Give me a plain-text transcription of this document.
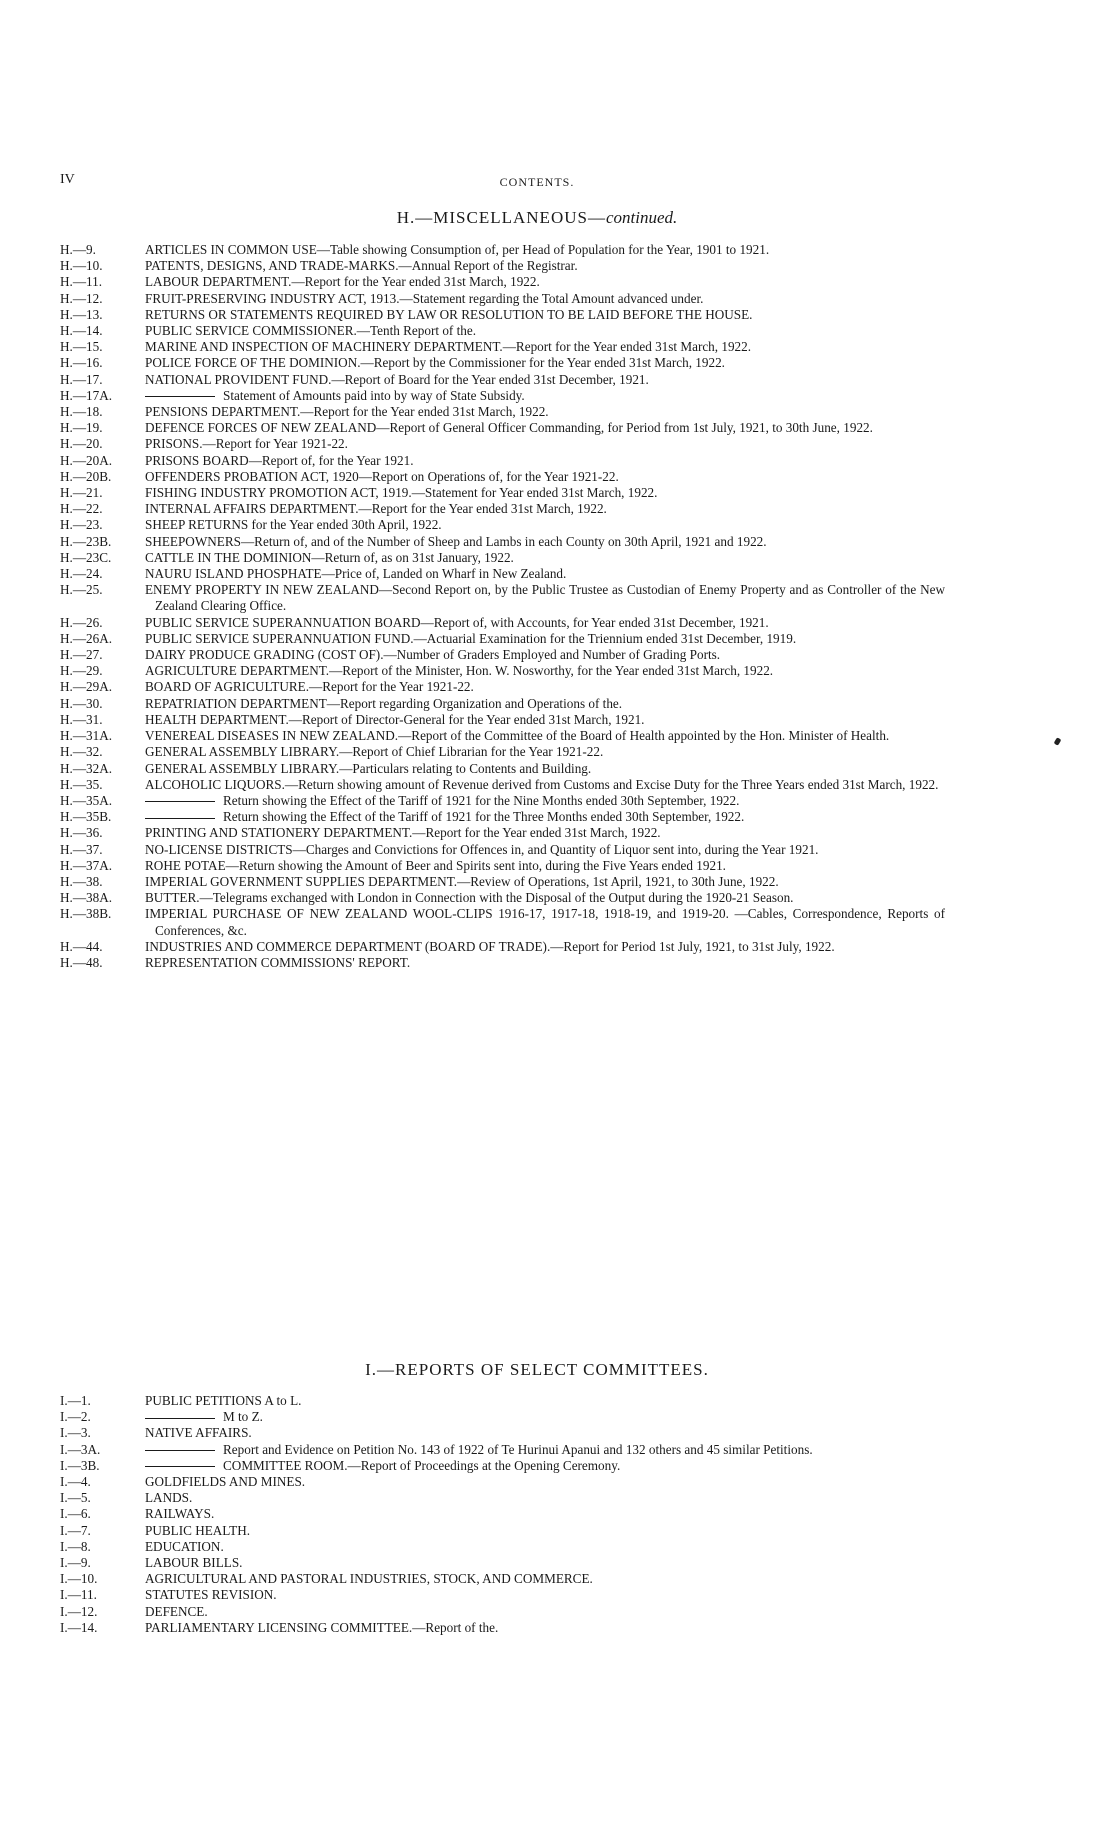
IV	CONTENTS.
H.—MISCELLANEOUS—continued.
H.—9.	ARTICLES IN COMMON USE—Table showing Consumption of, per Head of Population for the Year, 1901 to 1921.
H.—10.	PATENTS, DESIGNS, AND TRADE-MARKS.—Annual Report of the Registrar.
H.—11.	LABOUR DEPARTMENT.—Report for the Year ended 31st March, 1922.
H.—12.	FRUIT-PRESERVING INDUSTRY ACT, 1913.—Statement regarding the Total Amount advanced under.
H.—13.	RETURNS OR STATEMENTS REQUIRED BY LAW OR RESOLUTION TO BE LAID BEFORE THE HOUSE.
H.—14.	PUBLIC SERVICE COMMISSIONER.—Tenth Report of the.
H.—15.	MARINE AND INSPECTION OF MACHINERY DEPARTMENT.—Report for the Year ended 31st March, 1922.
H.—16.	POLICE FORCE OF THE DOMINION.—Report by the Commissioner for the Year ended 31st March, 1922.
H.—17.	NATIONAL PROVIDENT FUND.—Report of Board for the Year ended 31st December, 1921.
H.—17A.	Statement of Amounts paid into by way of State Subsidy.
H.—18.	PENSIONS DEPARTMENT.—Report for the Year ended 31st March, 1922.
H.—19.	DEFENCE FORCES OF NEW ZEALAND—Report of General Officer Commanding, for Period from 1st July, 1921, to 30th June, 1922.
H.—20.	PRISONS.—Report for Year 1921-22.
H.—20A.	PRISONS BOARD—Report of, for the Year 1921.
H.—20B.	OFFENDERS PROBATION ACT, 1920—Report on Operations of, for the Year 1921-22.
H.—21.	FISHING INDUSTRY PROMOTION ACT, 1919.—Statement for Year ended 31st March, 1922.
H.—22.	INTERNAL AFFAIRS DEPARTMENT.—Report for the Year ended 31st March, 1922.
H.—23.	SHEEP RETURNS for the Year ended 30th April, 1922.
H.—23B.	SHEEPOWNERS—Return of, and of the Number of Sheep and Lambs in each County on 30th April, 1921 and 1922.
H.—23C.	CATTLE IN THE DOMINION—Return of, as on 31st January, 1922.
H.—24.	NAURU ISLAND PHOSPHATE—Price of, Landed on Wharf in New Zealand.
H.—25.	ENEMY PROPERTY IN NEW ZEALAND—Second Report on, by the Public Trustee as Custodian of Enemy Property and as Controller of the New Zealand Clearing Office.
H.—26.	PUBLIC SERVICE SUPERANNUATION BOARD—Report of, with Accounts, for Year ended 31st December, 1921.
H.—26A.	PUBLIC SERVICE SUPERANNUATION FUND.—Actuarial Examination for the Triennium ended 31st December, 1919.
H.—27.	DAIRY PRODUCE GRADING (COST OF).—Number of Graders Employed and Number of Grading Ports.
H.—29.	AGRICULTURE DEPARTMENT.—Report of the Minister, Hon. W. Nosworthy, for the Year ended 31st March, 1922.
H.—29A.	BOARD OF AGRICULTURE.—Report for the Year 1921-22.
H.—30.	REPATRIATION DEPARTMENT—Report regarding Organization and Operations of the.
H.—31.	HEALTH DEPARTMENT.—Report of Director-General for the Year ended 31st March, 1921.
H.—31A.	VENEREAL DISEASES IN NEW ZEALAND.—Report of the Committee of the Board of Health appointed by the Hon. Minister of Health.
H.—32.	GENERAL ASSEMBLY LIBRARY.—Report of Chief Librarian for the Year 1921-22.
H.—32A.	GENERAL ASSEMBLY LIBRARY.—Particulars relating to Contents and Building.
H.—35.	ALCOHOLIC LIQUORS.—Return showing amount of Revenue derived from Customs and Excise Duty for the Three Years ended 31st March, 1922.
H.—35A.	Return showing the Effect of the Tariff of 1921 for the Nine Months ended 30th September, 1922.
H.—35B.	Return showing the Effect of the Tariff of 1921 for the Three Months ended 30th September, 1922.
H.—36.	PRINTING AND STATIONERY DEPARTMENT.—Report for the Year ended 31st March, 1922.
H.—37.	NO-LICENSE DISTRICTS—Charges and Convictions for Offences in, and Quantity of Liquor sent into, during the Year 1921.
H.—37A.	ROHE POTAE—Return showing the Amount of Beer and Spirits sent into, during the Five Years ended 1921.
H.—38.	IMPERIAL GOVERNMENT SUPPLIES DEPARTMENT.—Review of Operations, 1st April, 1921, to 30th June, 1922.
H.—38A.	BUTTER.—Telegrams exchanged with London in Connection with the Disposal of the Output during the 1920-21 Season.
H.—38B.	IMPERIAL PURCHASE OF NEW ZEALAND WOOL-CLIPS 1916-17, 1917-18, 1918-19, and 1919-20. —Cables, Correspondence, Reports of Conferences, &c.
H.—44.	INDUSTRIES AND COMMERCE DEPARTMENT (BOARD OF TRADE).—Report for Period 1st July, 1921, to 31st July, 1922.
H.—48.	REPRESENTATION COMMISSIONS' REPORT.
I.—REPORTS OF SELECT COMMITTEES.
I.—1.	PUBLIC PETITIONS A to L.
I.—2.	M to Z.
I.—3.	NATIVE AFFAIRS.
I.—3A.	Report and Evidence on Petition No. 143 of 1922 of Te Hurinui Apanui and 132 others and 45 similar Petitions.
I.—3B.	COMMITTEE ROOM.—Report of Proceedings at the Opening Ceremony.
I.—4.	GOLDFIELDS AND MINES.
I.—5.	LANDS.
I.—6.	RAILWAYS.
I.—7.	PUBLIC HEALTH.
I.—8.	EDUCATION.
I.—9.	LABOUR BILLS.
I.—10.	AGRICULTURAL AND PASTORAL INDUSTRIES, STOCK, AND COMMERCE.
I.—11.	STATUTES REVISION.
I.—12.	DEFENCE.
I.—14.	PARLIAMENTARY LICENSING COMMITTEE.—Report of the.
